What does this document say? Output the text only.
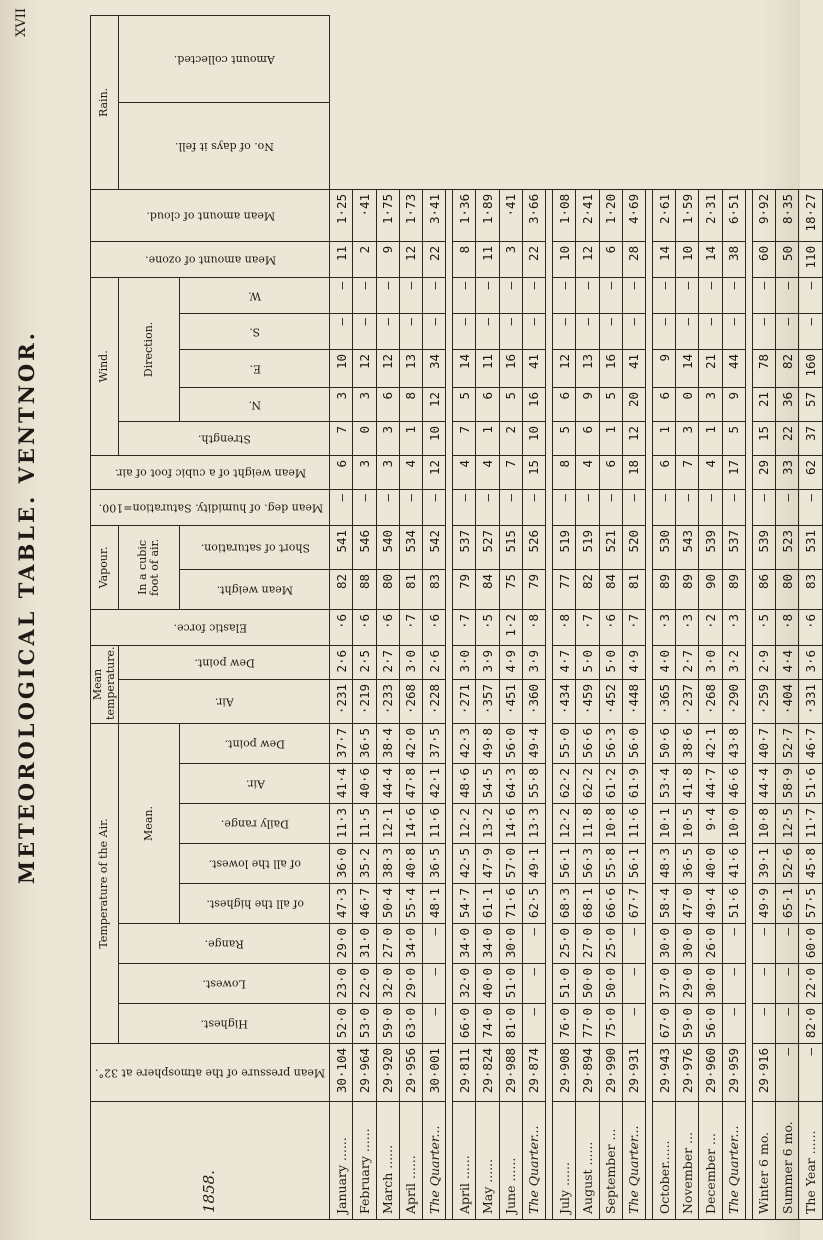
XVII
METEOROLOGICAL TABLE. VENTNOR.
1858.	Mean pressure of the atmosphere at 32°.	Temperature of the Air.								Mean temperature.		Elastic force.	Vapour.		Mean deg. of humidity. Saturation=100.	Mean weight of a cubic foot of air.	Wind.					Mean amount of ozone.	Mean amount of cloud.	Rain.	
		Highest.	Lowest.	Range.	Mean.					Air.	Dew point.		In a cubic foot of air.				Strength.	Direction.						No. of days it fell.	Amount collected.
					of all the highest.	of all the lowest.	Daily range.	Air.	Dew point.				Mean weight.	Short of saturation.				N.	E.	S.	W.				
January ......	30·104	52·0	23·0	29·0	47·3	36·0	11·3	41·4	37·7	·231	2·6	·6	82	541	—	6	7	3	10	—	—	11	1·25		
February ......	29·964	53·0	22·0	31·0	46·7	35·2	11·5	40·6	36·5	·219	2·5	·6	88	546	—	3	0	3	12	—	—	2	·41		
March ......	29·920	59·0	32·0	27·0	50·4	38·3	12·1	44·4	38·4	·233	2·7	·6	80	540	—	3	3	6	12	—	—	9	1·75		
April ......	29·956	63·0	29·0	34·0	55·4	40·8	14·6	47·8	42·0	·268	3·0	·7	81	534	—	4	1	8	13	—	—	12	1·73		
The Quarter...	30·001	—	—	—	48·1	36·5	11·6	42·1	37·5	·228	2·6	·6	83	542	—	12	10	12	34	—	—	22	3·41		

April ......	29·811	66·0	32·0	34·0	54·7	42·5	12·2	48·6	42·3	·271	3·0	·7	79	537	—	4	7	5	14	—	—	8	1·36		
May ......	29·824	74·0	40·0	34·0	61·1	47·9	13·2	54·5	49·8	·357	3·9	·5	84	527	—	4	1	6	11	—	—	11	1·89		
June ......	29·988	81·0	51·0	30·0	71·6	57·0	14·6	64·3	56·0	·451	4·9	1·2	75	515	—	7	2	5	16	—	—	3	·41		
The Quarter...	29·874	—	—	—	62·5	49·1	13·3	55·8	49·4	·360	3·9	·8	79	526	—	15	10	16	41	—	—	22	3·66		

July ......	29·908	76·0	51·0	25·0	68·3	56·1	12·2	62·2	55·0	·434	4·7	·8	77	519	—	8	5	6	12	—	—	10	1·08		
August ......	29·894	77·0	50·0	27·0	68·1	56·3	11·8	62·2	56·6	·459	5·0	·7	82	519	—	4	6	9	13	—	—	12	2·41		
September ...	29·990	75·0	50·0	25·0	66·6	55·8	10·8	61·2	56·3	·452	5·0	·6	84	521	—	6	1	5	16	—	—	6	1·20		
The Quarter...	29·931	—	—	—	67·7	56·1	11·6	61·9	56·0	·448	4·9	·7	81	520	—	18	12	20	41	—	—	28	4·69		

October......	29·943	67·0	37·0	30·0	58·4	48·3	10·1	53·4	50·6	·365	4·0	·3	89	530	—	6	1	6	9	—	—	14	2·61		
November ...	29·976	59·0	29·0	30·0	47·0	36·5	10·5	41·8	38·6	·237	2·7	·3	89	543	—	7	3	0	14	—	—	10	1·59		
December ...	29·960	56·0	30·0	26·0	49·4	40·0	9·4	44·7	42·1	·268	3·0	·2	90	539	—	4	1	3	21	—	—	14	2·31		
The Quarter...	29·959	—	—	—	51·6	41·6	10·0	46·6	43·8	·290	3·2	·3	89	537	—	17	5	9	44	—	—	38	6·51		

Winter 6 mo.	29·916	—	—	—	49·9	39·1	10·8	44·4	40·7	·259	2·9	·5	86	539	—	29	15	21	78	—	—	60	9·92		
Summer 6 mo.	—	—	—	—	65·1	52·6	12·5	58·9	52·7	·404	4·4	·8	80	523	—	33	22	36	82	—	—	50	8·35		
The Year ......	—	82·0	22·0	60·0	57·5	45·8	11·7	51·6	46·7	·331	3·6	·6	83	531	—	62	37	57	160	—	—	110	18·27		
